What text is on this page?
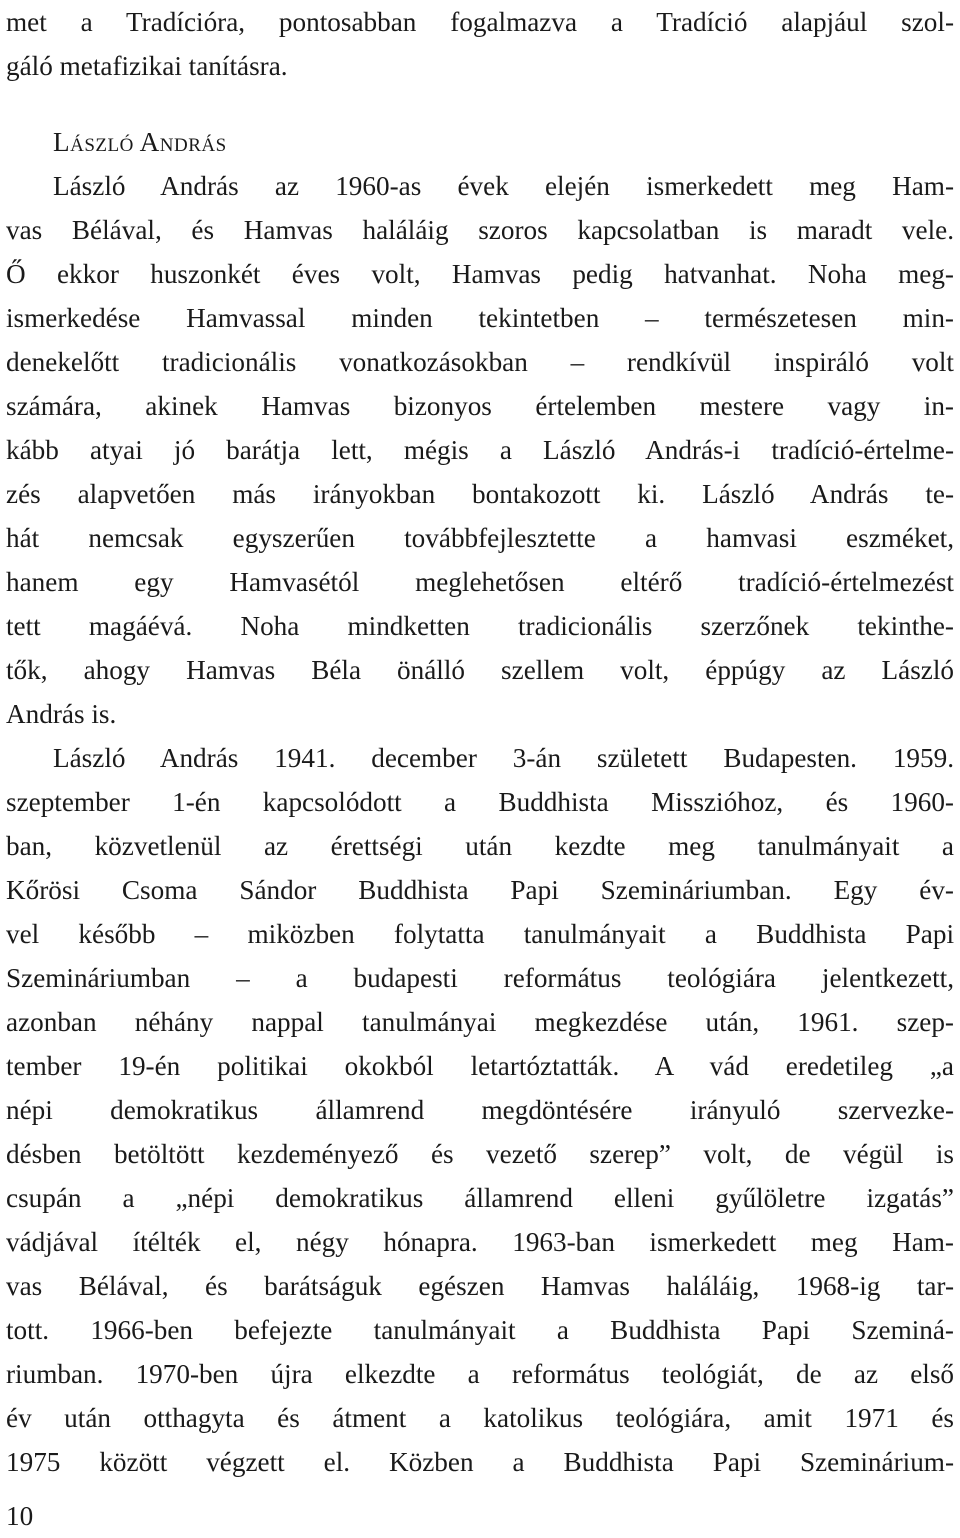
met a Tradícióra, pontosabban fogalmazva a Tradíció alapjául szol-
gáló metafizikai tanításra.
László András
László András az 1960-as évek elején ismerkedett meg Ham-
vas Bélával, és Hamvas haláláig szoros kapcsolatban is maradt vele.
Ő ekkor huszonkét éves volt, Hamvas pedig hatvanhat. Noha meg-
ismerkedése Hamvassal minden tekintetben – természetesen min-
denekelőtt tradicionális vonatkozásokban – rendkívül inspiráló volt
számára, akinek Hamvas bizonyos értelemben mestere vagy in-
kább atyai jó barátja lett, mégis a László András-i tradíció-értelme-
zés alapvetően más irányokban bontakozott ki. László András te-
hát nemcsak egyszerűen továbbfejlesztette a hamvasi eszméket,
hanem egy Hamvasétól meglehetősen eltérő tradíció-értelmezést
tett magáévá. Noha mindketten tradicionális szerzőnek tekinthe-
tők, ahogy Hamvas Béla önálló szellem volt, éppúgy az László
András is.
László András 1941. december 3-án született Budapesten. 1959.
szeptember 1-én kapcsolódott a Buddhista Misszióhoz, és 1960-
ban, közvetlenül az érettségi után kezdte meg tanulmányait a
Kőrösi Csoma Sándor Buddhista Papi Szemináriumban. Egy év-
vel később – miközben folytatta tanulmányait a Buddhista Papi
Szemináriumban – a budapesti református teológiára jelentkezett,
azonban néhány nappal tanulmányai megkezdése után, 1961. szep-
tember 19-én politikai okokból letartóztatták. A vád eredetileg „a
népi demokratikus államrend megdöntésére irányuló szervezke-
désben betöltött kezdeményező és vezető szerep” volt, de végül is
csupán a „népi demokratikus államrend elleni gyűlöletre izgatás”
vádjával ítélték el, négy hónapra. 1963-ban ismerkedett meg Ham-
vas Bélával, és barátságuk egészen Hamvas haláláig, 1968-ig tar-
tott. 1966-ben befejezte tanulmányait a Buddhista Papi Szeminá-
riumban. 1970-ben újra elkezdte a református teológiát, de az első
év után otthagyta és átment a katolikus teológiára, amit 1971 és
1975 között végzett el. Közben a Buddhista Papi Szemináriu​m-
10
